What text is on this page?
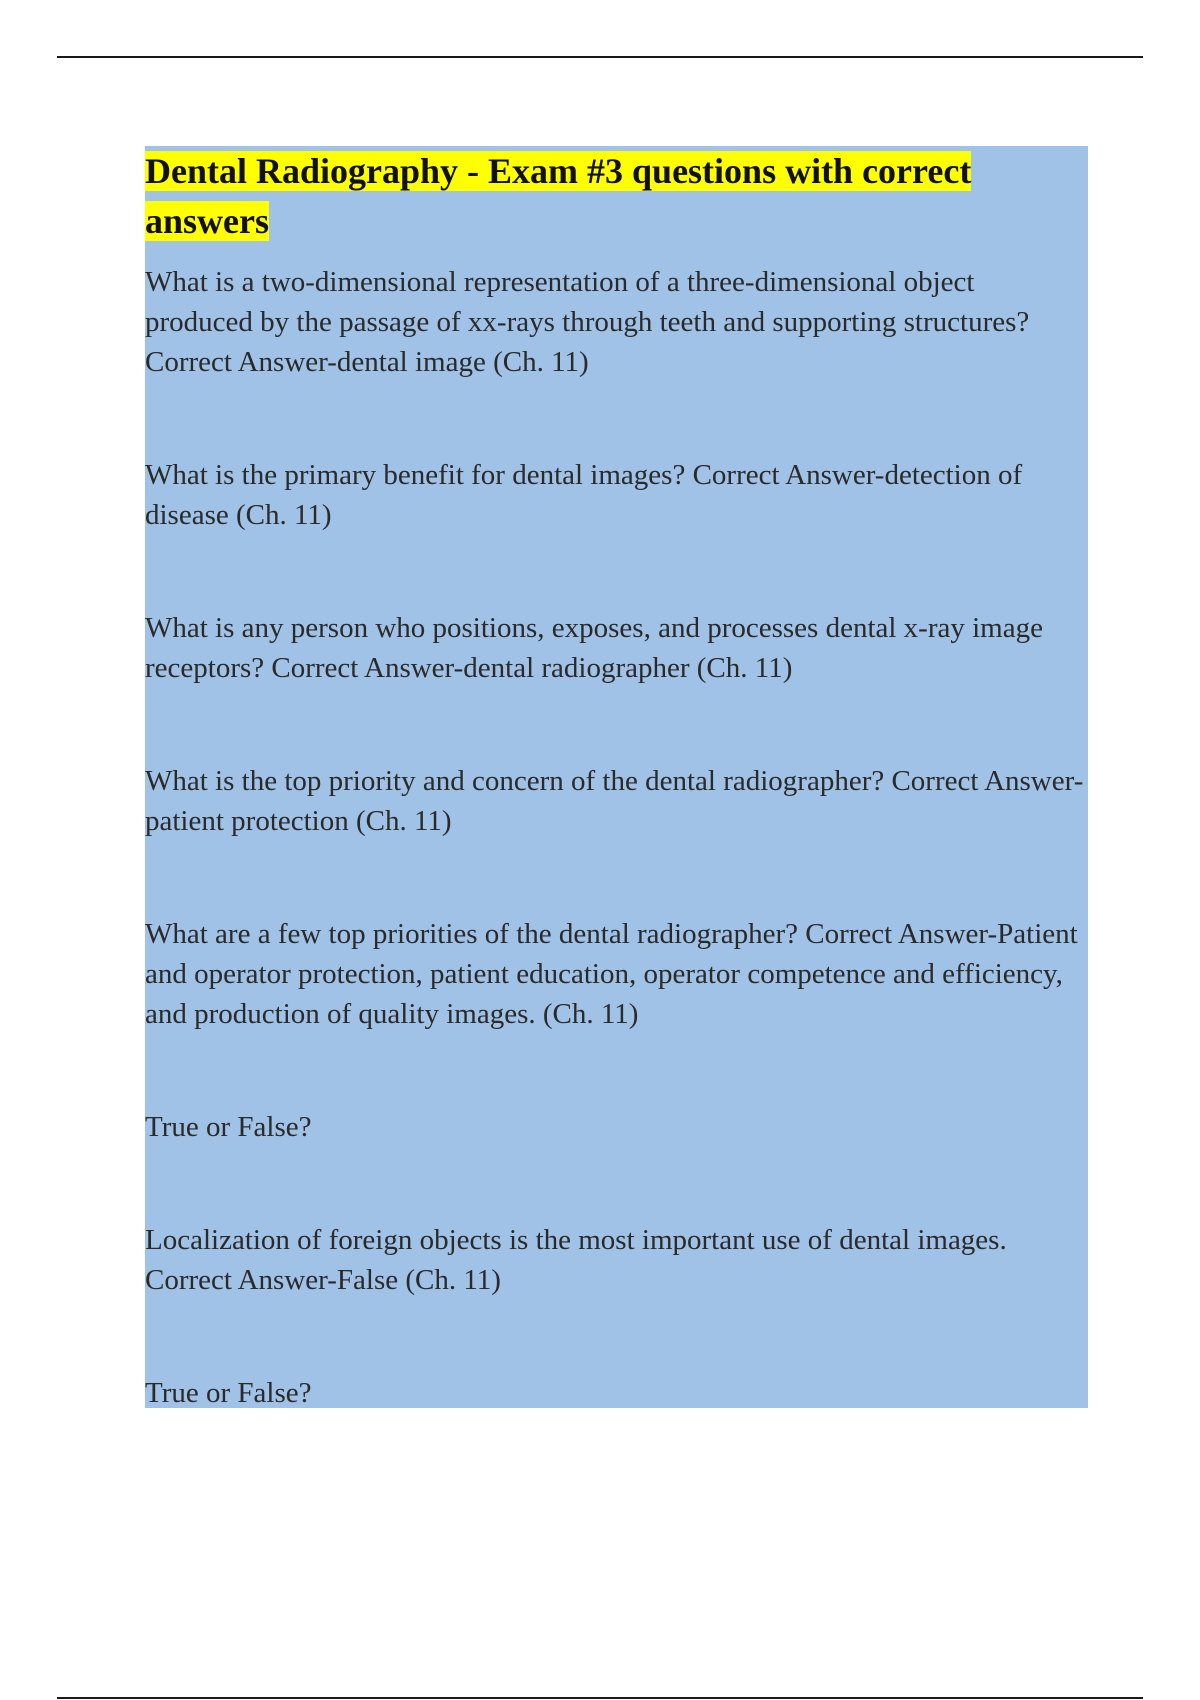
Dental Radiography - Exam #3 questions with correct answers

What is a two-dimensional representation of a three-dimensional object produced by the passage of xx-rays through teeth and supporting structures? Correct Answer-dental image (Ch. 11)

What is the primary benefit for dental images? Correct Answer-detection of disease (Ch. 11)

What is any person who positions, exposes, and processes dental x-ray image receptors? Correct Answer-dental radiographer (Ch. 11)

What is the top priority and concern of the dental radiographer? Correct Answer-patient protection (Ch. 11)

What are a few top priorities of the dental radiographer? Correct Answer-Patient and operator protection, patient education, operator competence and efficiency, and production of quality images. (Ch. 11)

True or False?

Localization of foreign objects is the most important use of dental images. Correct Answer-False (Ch. 11)

True or False?
